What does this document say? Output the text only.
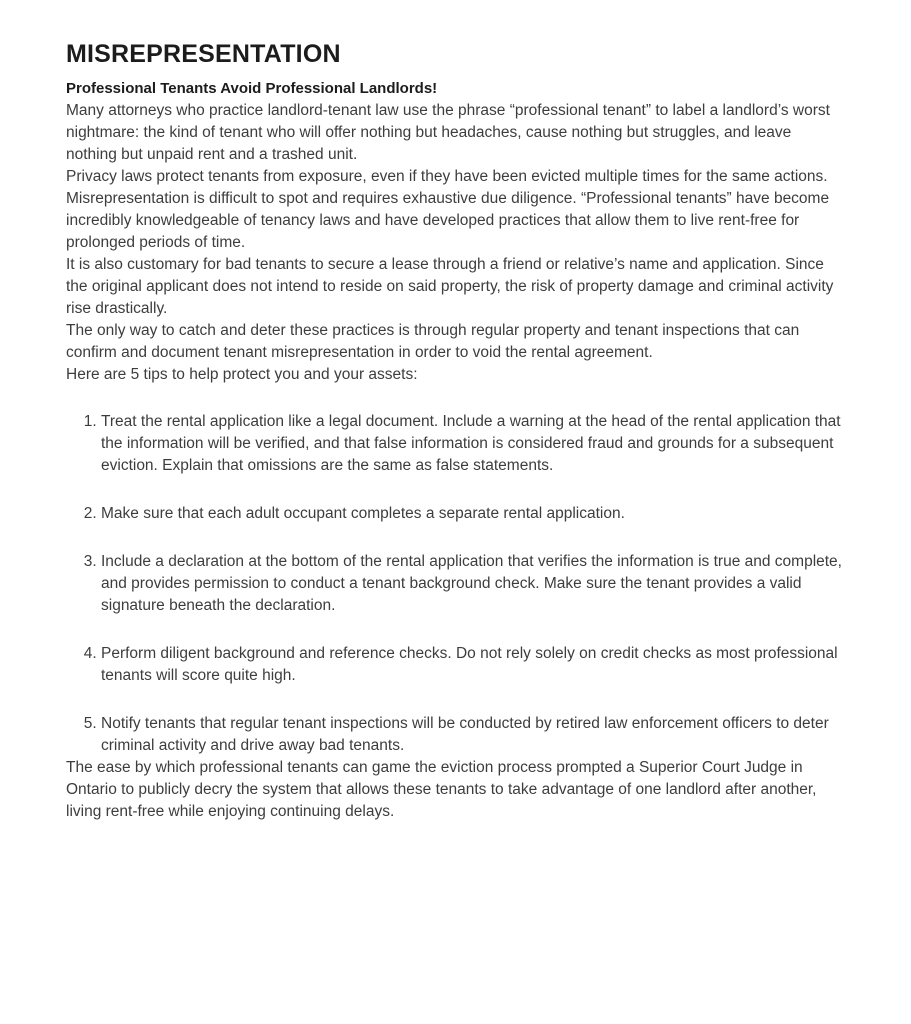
MISREPRESENTATION
Professional Tenants Avoid Professional Landlords!

Many attorneys who practice landlord-tenant law use the phrase “professional tenant” to label a landlord’s worst nightmare: the kind of tenant who will offer nothing but headaches, cause nothing but struggles, and leave nothing but unpaid rent and a trashed unit.

Privacy laws protect tenants from exposure, even if they have been evicted multiple times for the same actions. Misrepresentation is difficult to spot and requires exhaustive due diligence. “Professional tenants” have become incredibly knowledgeable of tenancy laws and have developed practices that allow them to live rent-free for prolonged periods of time.

It is also customary for bad tenants to secure a lease through a friend or relative’s name and application. Since the original applicant does not intend to reside on said property, the risk of property damage and criminal activity rise drastically.

The only way to catch and deter these practices is through regular property and tenant inspections that can confirm and document tenant misrepresentation in order to void the rental agreement.

Here are 5 tips to help protect you and your assets:

1. Treat the rental application like a legal document. Include a warning at the head of the rental application that the information will be verified, and that false information is considered fraud and grounds for a subsequent eviction. Explain that omissions are the same as false statements.
2. Make sure that each adult occupant completes a separate rental application.
3. Include a declaration at the bottom of the rental application that verifies the information is true and complete, and provides permission to conduct a tenant background check. Make sure the tenant provides a valid signature beneath the declaration.
4. Perform diligent background and reference checks. Do not rely solely on credit checks as most professional tenants will score quite high.
5. Notify tenants that regular tenant inspections will be conducted by retired law enforcement officers to deter criminal activity and drive away bad tenants.

The ease by which professional tenants can game the eviction process prompted a Superior Court Judge in Ontario to publicly decry the system that allows these tenants to take advantage of one landlord after another, living rent-free while enjoying continuing delays.
